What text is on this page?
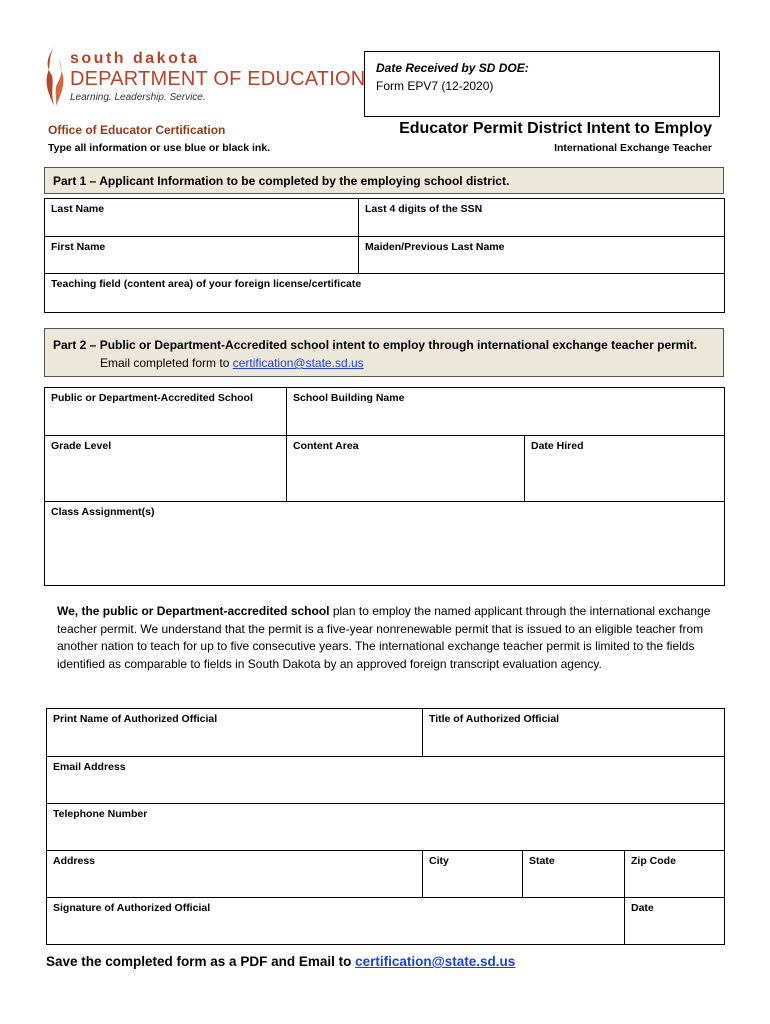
south dakota
DEPARTMENT OF EDUCATION
Learning. Leadership. Service.
Date Received by SD DOE:
Form EPV7 (12-2020)
Office of Educator Certification
Type all information or use blue or black ink.
Educator Permit District Intent to Employ
International Exchange Teacher
Part 1 – Applicant Information to be completed by the employing school district.
Last Name	Last 4 digits of the SSN
First Name	Maiden/Previous Last Name
Teaching field (content area) of your foreign license/certificate	
Part 2 – Public or Department-Accredited school intent to employ through international exchange teacher permit.
Email completed form to certification@state.sd.us
Public or Department-Accredited School	School Building Name	
Grade Level	Content Area	Date Hired
Class Assignment(s)		
We, the public or Department-accredited school plan to employ the named applicant through the international exchange teacher permit. We understand that the permit is a five-year nonrenewable permit that is issued to an eligible teacher from another nation to teach for up to five consecutive years. The international exchange teacher permit is limited to the fields identified as comparable to fields in South Dakota by an approved foreign transcript evaluation agency.
Print Name of Authorized Official	Title of Authorized Official		
Email Address			
Telephone Number			
Address	City	State	Zip Code
Signature of Authorized Official			Date
Save the completed form as a PDF and Email to certification@state.sd.us
